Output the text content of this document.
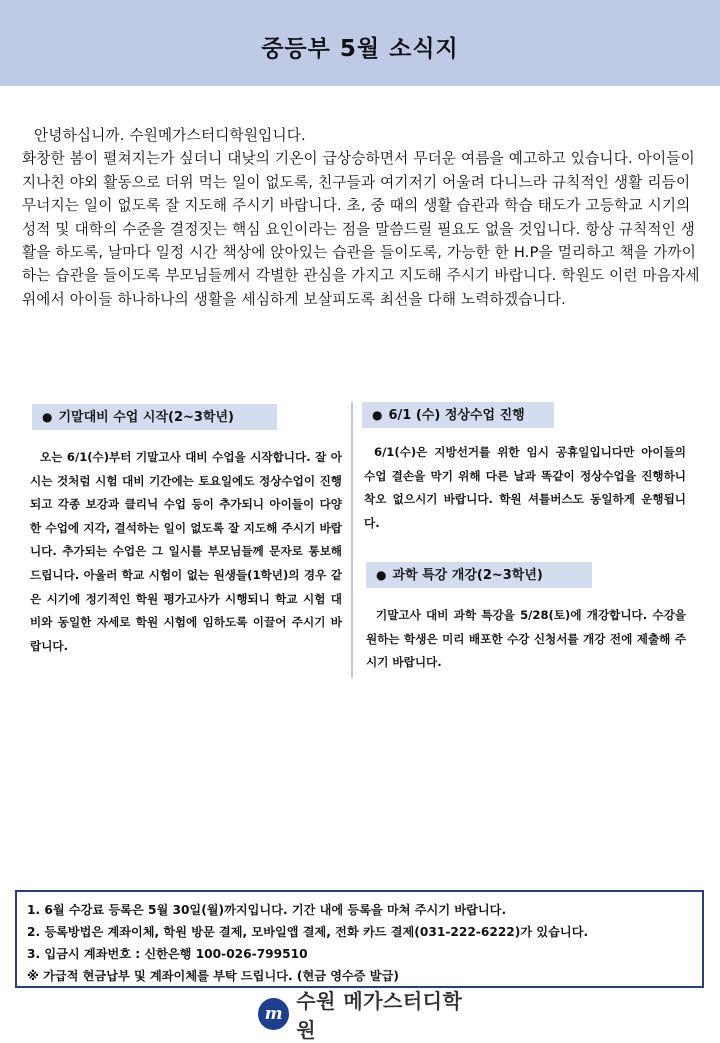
중등부 5월 소식지

안녕하십니까. 수원메가스터디학원입니다.

화창한 봄이 펼쳐지는가 싶더니 대낮의 기온이 급상승하면서 무더운 여름을 예고하고 있습니다. 아이들이 지나친 야외 활동으로 더위 먹는 일이 없도록, 친구들과 여기저기 어울려 다니느라 규칙적인 생활 리듬이 무너지는 일이 없도록 잘 지도해 주시기 바랍니다. 초, 중 때의 생활 습관과 학습 태도가 고등학교 시기의 성적 및 대학의 수준을 결정짓는 핵심 요인이라는 점을 말씀드릴 필요도 없을 것입니다. 항상 규칙적인 생활을 하도록, 날마다 일정 시간 책상에 앉아있는 습관을 들이도록, 가능한 한 H.P을 멀리하고 책을 가까이하는 습관을 들이도록 부모님들께서 각별한 관심을 가지고 지도해 주시기 바랍니다. 학원도 이런 마음자세 위에서 아이들 하나하나의 생활을 세심하게 보살피도록 최선을 다해 노력하겠습니다.

● 기말대비 수업 시작(2~3학년)

오는 6/1(수)부터 기말고사 대비 수업을 시작합니다. 잘 아시는 것처럼 시험 대비 기간에는 토요일에도 정상수업이 진행되고 각종 보강과 클리닉 수업 등이 추가되니 아이들이 다양한 수업에 지각, 결석하는 일이 없도록 잘 지도해 주시기 바랍니다. 추가되는 수업은 그 일시를 부모님들께 문자로 통보해 드립니다. 아울러 학교 시험이 없는 원생들(1학년)의 경우 같은 시기에 정기적인 학원 평가고사가 시행되니 학교 시험 대비와 동일한 자세로 학원 시험에 임하도록 이끌어 주시기 바랍니다.

● 6/1 (수) 정상수업 진행

6/1(수)은 지방선거를 위한 임시 공휴일입니다만 아이들의 수업 결손을 막기 위해 다른 날과 똑같이 정상수업을 진행하니 착오 없으시기 바랍니다. 학원 셔틀버스도 동일하게 운행됩니다.

● 과학 특강 개강(2~3학년)

기말고사 대비 과학 특강을 5/28(토)에 개강합니다. 수강을 원하는 학생은 미리 배포한 수강 신청서를 개강 전에 제출해 주시기 바랍니다.

1. 6월 수강료 등록은 5월 30일(월)까지입니다. 기간 내에 등록을 마쳐 주시기 바랍니다.
2. 등록방법은 계좌이체, 학원 방문 결제, 모바일앱 결제, 전화 카드 결제(031-222-6222)가 있습니다.
3. 입금시 계좌번호 : 신한은행 100-026-799510
※ 가급적 현금납부 및 계좌이체를 부탁 드립니다. (현금 영수증 발급)
m
수원 메가스터디학원
